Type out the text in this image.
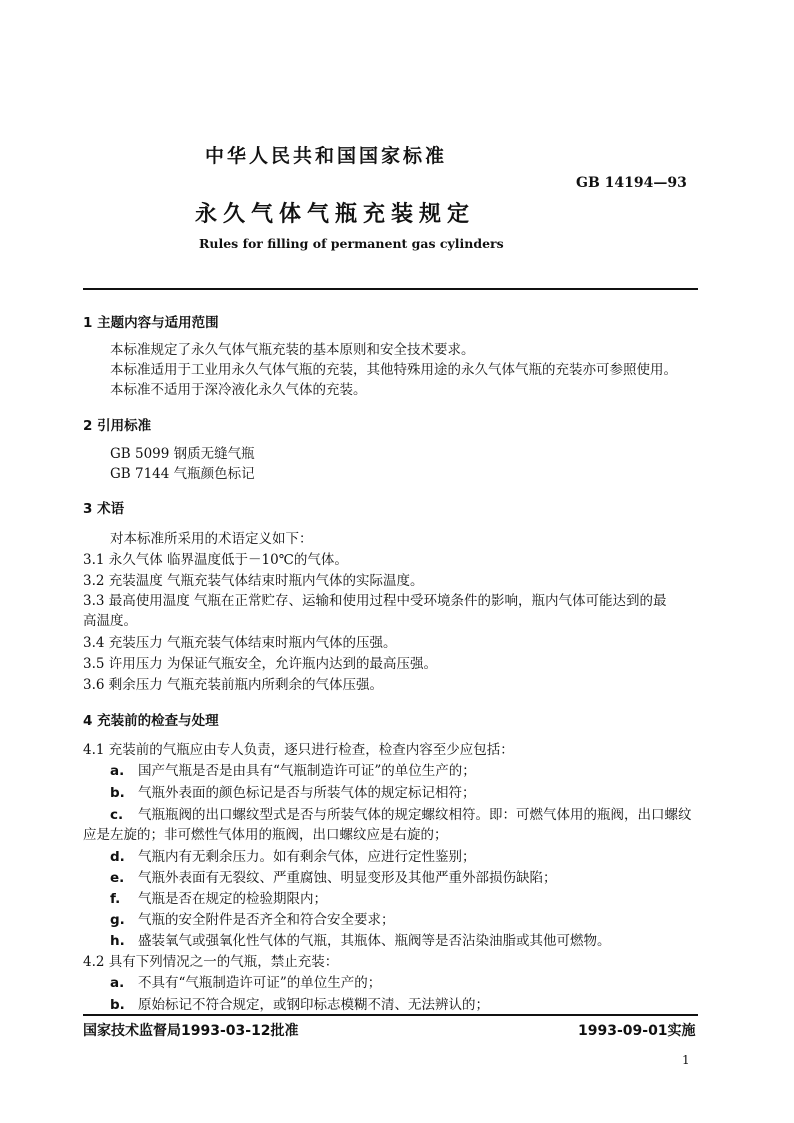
中华人民共和国国家标准
GB 14194—93
永久气体气瓶充装规定
Rules for filling of permanent gas cylinders
1 主题内容与适用范围
本标准规定了永久气体气瓶充装的基本原则和安全技术要求。
本标准适用于工业用永久气体气瓶的充装，其他特殊用途的永久气体气瓶的充装亦可参照使用。
本标准不适用于深冷液化永久气体的充装。
2 引用标准
GB 5099 钢质无缝气瓶
GB 7144 气瓶颜色标记
3 术语
对本标准所采用的术语定义如下：
3.1 永久气体 临界温度低于－10℃的气体。
3.2 充装温度 气瓶充装气体结束时瓶内气体的实际温度。
3.3 最高使用温度 气瓶在正常贮存、运输和使用过程中受环境条件的影响，瓶内气体可能达到的最
高温度。
3.4 充装压力 气瓶充装气体结束时瓶内气体的压强。
3.5 许用压力 为保证气瓶安全，允许瓶内达到的最高压强。
3.6 剩余压力 气瓶充装前瓶内所剩余的气体压强。
4 充装前的检查与处理
4.1 充装前的气瓶应由专人负责，逐只进行检查，检查内容至少应包括：
a. 国产气瓶是否是由具有“气瓶制造许可证”的单位生产的；
b. 气瓶外表面的颜色标记是否与所装气体的规定标记相符；
c. 气瓶瓶阀的出口螺纹型式是否与所装气体的规定螺纹相符。即：可燃气体用的瓶阀，出口螺纹
应是左旋的；非可燃性气体用的瓶阀，出口螺纹应是右旋的；
d. 气瓶内有无剩余压力。如有剩余气体，应进行定性鉴别；
e. 气瓶外表面有无裂纹、严重腐蚀、明显变形及其他严重外部损伤缺陷；
f. 气瓶是否在规定的检验期限内；
g. 气瓶的安全附件是否齐全和符合安全要求；
h. 盛装氧气或强氧化性气体的气瓶，其瓶体、瓶阀等是否沾染油脂或其他可燃物。
4.2 具有下列情况之一的气瓶，禁止充装：
a. 不具有“气瓶制造许可证”的单位生产的；
b. 原始标记不符合规定，或钢印标志模糊不清、无法辨认的；
国家技术监督局1993-03-12批准	1993-09-01实施
1
